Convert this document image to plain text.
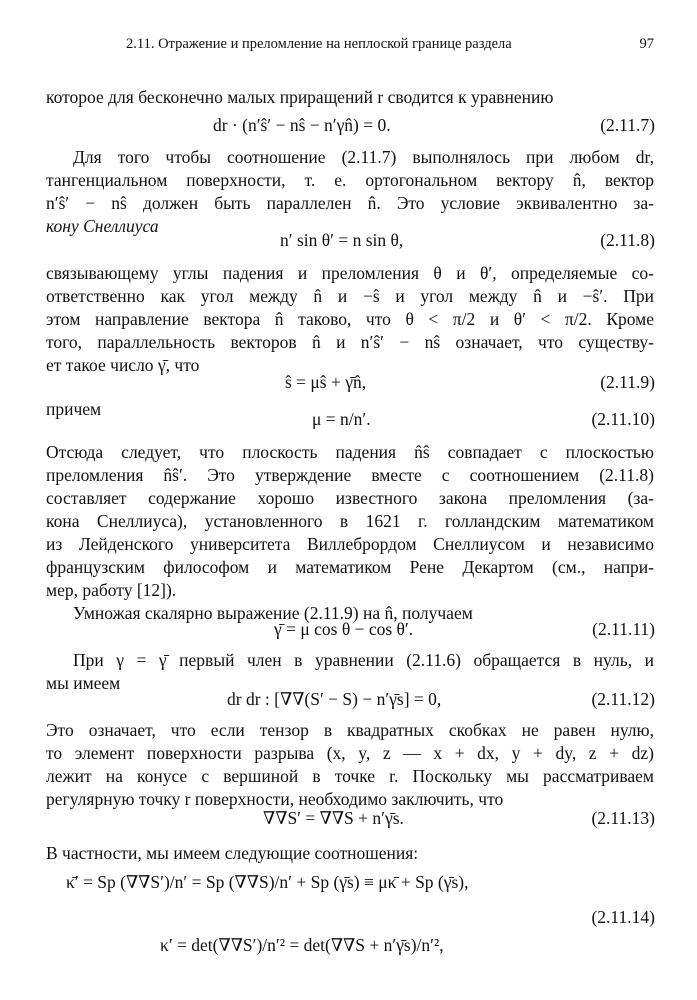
2.11. Отражение и преломление на неплоской границе раздела	97
которое для бесконечно малых приращений r сводится к уравнению
dr · (n′ŝ′ − nŝ − n′γn̂) = 0.	(2.11.7)
Для того чтобы соотношение (2.11.7) выполнялось при любом dr,
тангенциальном поверхности, т. е. ортогональном вектору n̂, вектор
n′ŝ′ − nŝ должен быть параллелен n̂. Это условие эквивалентно за-
кону Снеллиуса
n′ sin θ′ = n sin θ,	(2.11.8)
связывающему углы падения и преломления θ и θ′, определяемые со-
ответственно как угол между n̂ и −ŝ и угол между n̂ и −ŝ′. При
этом направление вектора n̂ таково, что θ < π/2 и θ′ < π/2. Кроме
того, параллельность векторов n̂ и n′ŝ′ − nŝ означает, что существу-
ет такое число γ̄, что
ŝ = μŝ + γ̄n̂,	(2.11.9)
причем	μ = n/n′.	(2.11.10)
Отсюда следует, что плоскость падения n̂ŝ совпадает с плоскостью
преломления n̂ŝ′. Это утверждение вместе с соотношением (2.11.8)
составляет содержание хорошо известного закона преломления (за-
кона Снеллиуса), установленного в 1621 г. голландским математиком
из Лейденского университета Виллебрордом Снеллиусом и независимо
французским философом и математиком Рене Декартом (см., напри-
мер, работу [12]).
Умножая скалярно выражение (2.11.9) на n̂, получаем
γ̄ = μ cos θ − cos θ′.	(2.11.11)
При γ = γ̄ первый член в уравнении (2.11.6) обращается в нуль, и
мы имеем
dr dr : [∇∇(S′ − S) − n′γ̄s] = 0,	(2.11.12)
Это означает, что если тензор в квадратных скобках не равен нулю,
то элемент поверхности разрыва (x, y, z — x + dx, y + dy, z + dz)
лежит на конусе с вершиной в точке r. Поскольку мы рассматриваем
регулярную точку r поверхности, необходимо заключить, что
∇∇S′ = ∇∇S + n′γ̄s.	(2.11.13)
В частности, мы имеем следующие соотношения:
κ̄′ = Sp (∇∇S′)/n′ = Sp (∇∇S)/n′ + Sp (γ̄s) ≡ μκ̄ + Sp (γ̄s),
(2.11.14)
κ′ = det(∇∇S′)/n′² = det(∇∇S + n′γ̄s)/n′²,
